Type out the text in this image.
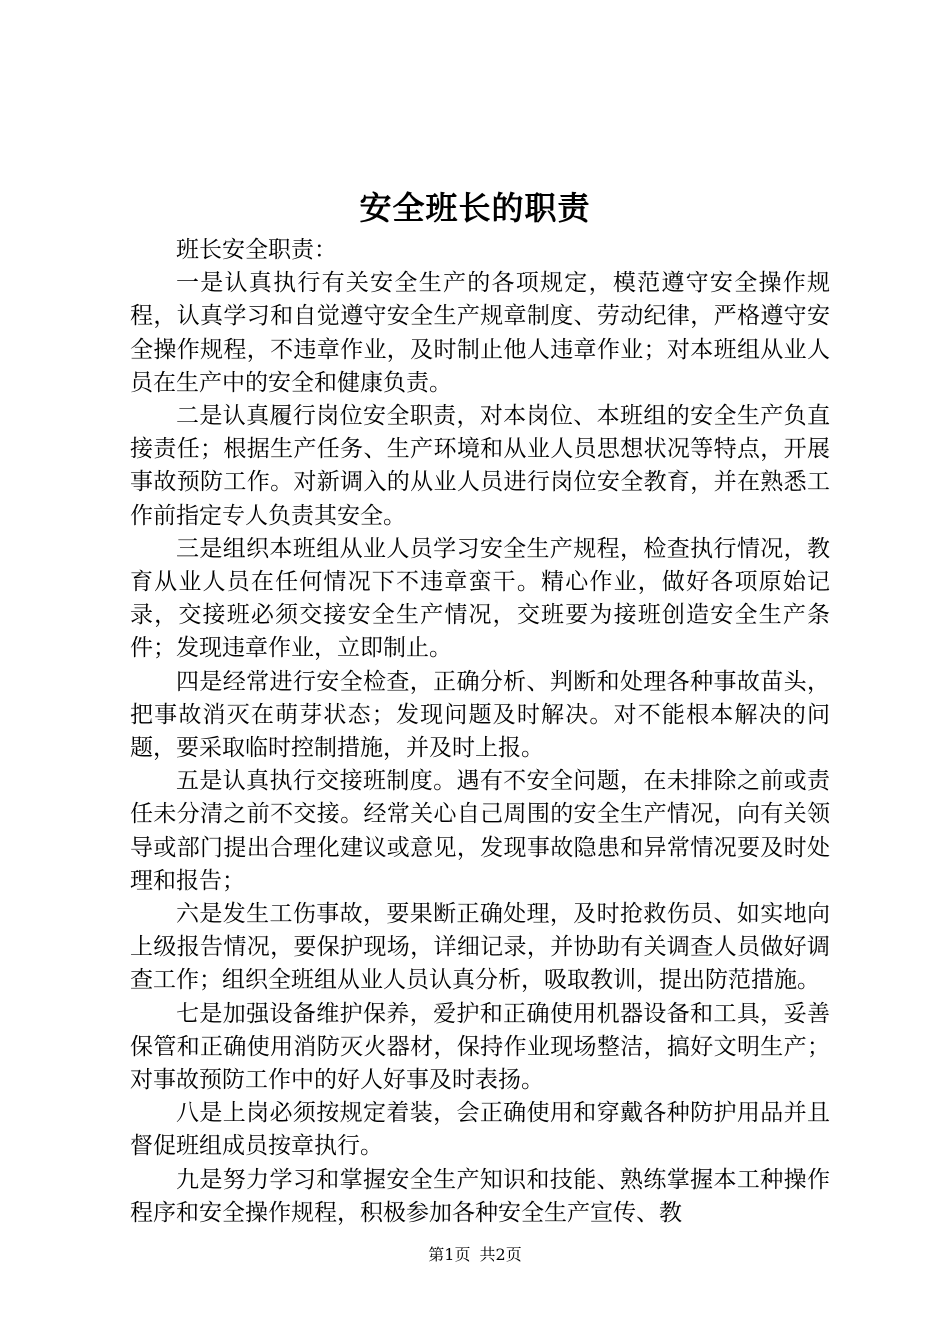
安全班长的职责

班长安全职责：

一是认真执行有关安全生产的各项规定，模范遵守安全操作规程，认真学习和自觉遵守安全生产规章制度、劳动纪律，严格遵守安全操作规程，不违章作业，及时制止他人违章作业；对本班组从业人员在生产中的安全和健康负责。

二是认真履行岗位安全职责，对本岗位、本班组的安全生产负直接责任；根据生产任务、生产环境和从业人员思想状况等特点，开展事故预防工作。对新调入的从业人员进行岗位安全教育，并在熟悉工作前指定专人负责其安全。

三是组织本班组从业人员学习安全生产规程，检查执行情况，教育从业人员在任何情况下不违章蛮干。精心作业，做好各项原始记录，交接班必须交接安全生产情况，交班要为接班创造安全生产条件；发现违章作业，立即制止。

四是经常进行安全检查，正确分析、判断和处理各种事故苗头，把事故消灭在萌芽状态；发现问题及时解决。对不能根本解决的问题，要采取临时控制措施，并及时上报。

五是认真执行交接班制度。遇有不安全问题，在未排除之前或责任未分清之前不交接。经常关心自己周围的安全生产情况，向有关领导或部门提出合理化建议或意见，发现事故隐患和异常情况要及时处理和报告；

六是发生工伤事故，要果断正确处理，及时抢救伤员、如实地向上级报告情况，要保护现场，详细记录，并协助有关调查人员做好调查工作；组织全班组从业人员认真分析，吸取教训，提出防范措施。

七是加强设备维护保养，爱护和正确使用机器设备和工具，妥善保管和正确使用消防灭火器材，保持作业现场整洁，搞好文明生产；对事故预防工作中的好人好事及时表扬。

八是上岗必须按规定着装，会正确使用和穿戴各种防护用品并且督促班组成员按章执行。

九是努力学习和掌握安全生产知识和技能、熟练掌握本工种操作程序和安全操作规程，积极参加各种安全生产宣传、教

第1页 共2页
